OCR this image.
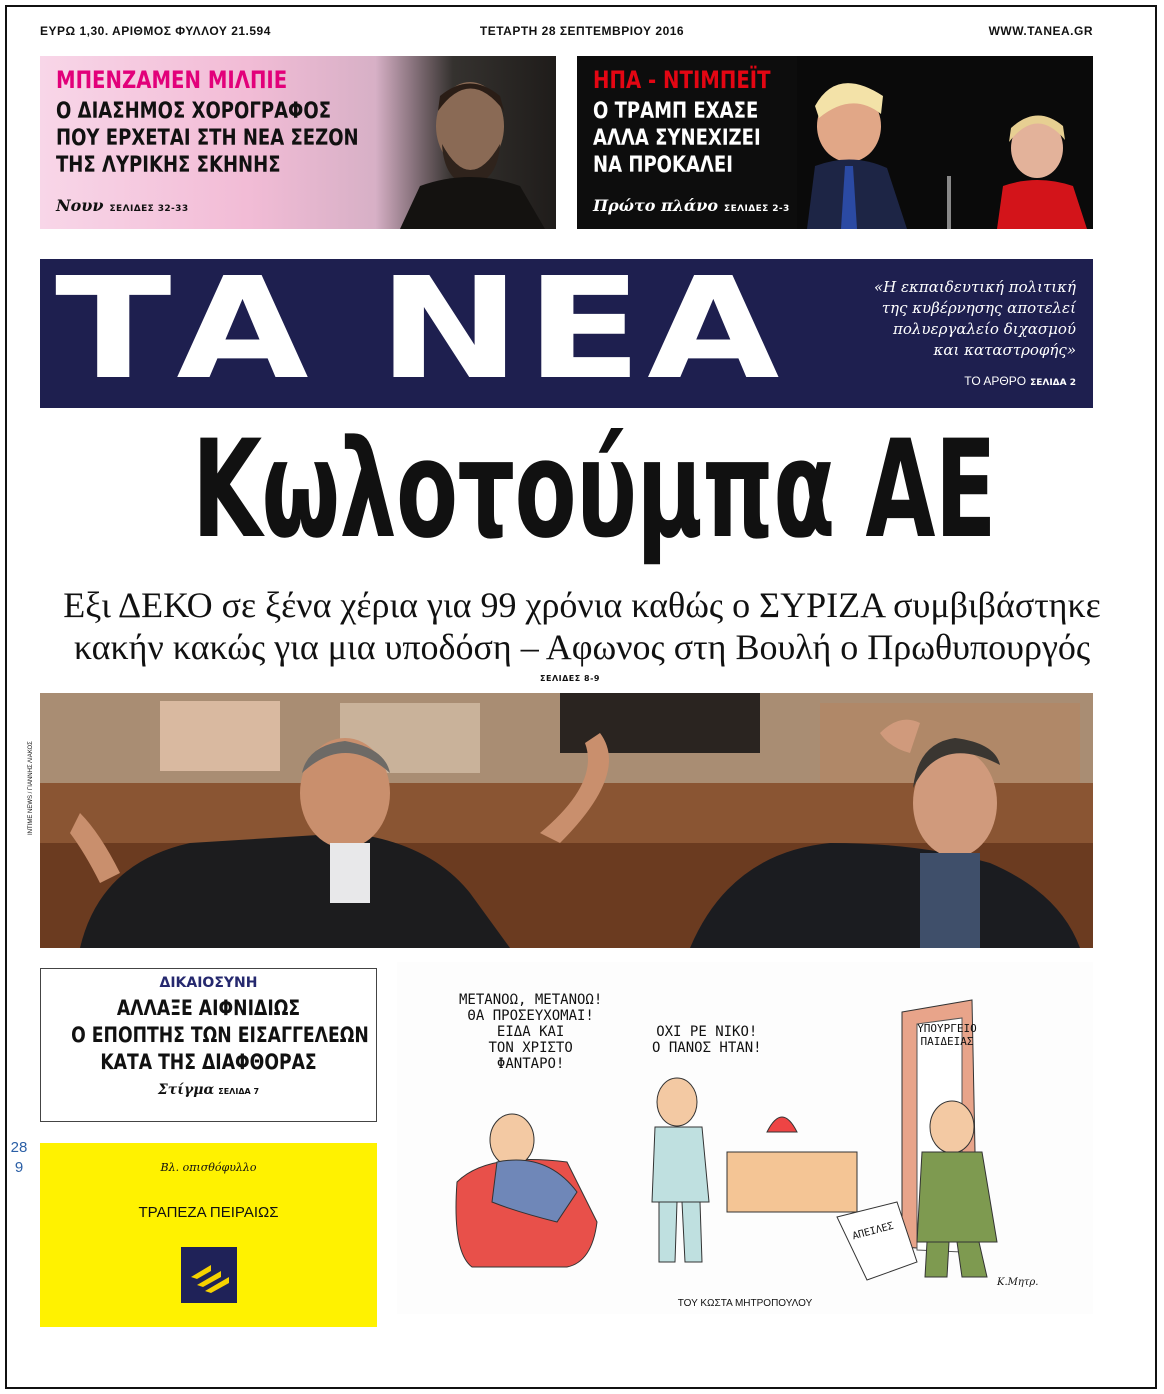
ΕΥΡΩ 1,30. ΑΡΙΘΜΟΣ ΦΥΛΛΟΥ 21.594	ΤΕΤΑΡΤΗ 28 ΣΕΠΤΕΜΒΡΙΟΥ 2016	WWW.TANEA.GR
ΜΠΕΝΖΑΜΕΝ ΜΙΛΠΙΕ
Ο ΔΙΑΣΗΜΟΣ ΧΟΡΟΓΡΑΦΟΣ
ΠΟΥ ΕΡΧΕΤΑΙ ΣΤΗ ΝΕΑ ΣΕΖΟΝ
ΤΗΣ ΛΥΡΙΚΗΣ ΣΚΗΝΗΣ
Νουν ΣΕΛΙΔΕΣ 32-33
ΗΠΑ - ΝΤΙΜΠΕΪΤ
Ο ΤΡΑΜΠ ΕΧΑΣΕ
ΑΛΛΑ ΣΥΝΕΧΙΖΕΙ
ΝΑ ΠΡΟΚΑΛΕΙ
Πρώτο πλάνο ΣΕΛΙΔΕΣ 2-3
ΤΑ ΝΕΑ	«Η εκπαιδευτική πολιτική
της κυβέρνησης αποτελεί
πολυεργαλείο διχασμού
και καταστροφής»
ΤΟ ΑΡΘΡΟ ΣΕΛΙΔΑ 2
Κωλοτούμπα ΑΕ
Εξι ΔΕΚΟ σε ξένα χέρια για 99 χρόνια καθώς ο ΣΥΡΙΖΑ συμβιβάστηκε
κακήν κακώς για μια υποδόση – Αφωνος στη Βουλή ο Πρωθυπουργός
ΣΕΛΙΔΕΣ 8-9
INTIME NEWS / ΓΙΑΝΝΗΣ ΛΙΑΚΟΣ
ΔΙΚΑΙΟΣΥΝΗ
ΑΛΛΑΞΕ ΑΙΦΝΙΔΙΩΣ
Ο ΕΠΟΠΤΗΣ ΤΩΝ ΕΙΣΑΓΓΕΛΕΩΝ
ΚΑΤΑ ΤΗΣ ΔΙΑΦΘΟΡΑΣ
Στίγμα ΣΕΛΙΔΑ 7
Βλ. οπισθόφυλλο
ΤΡΑΠΕΖΑ ΠΕΙΡΑΙΩΣ
28
9
ΜΕΤΑΝΟΩ, ΜΕΤΑΝΟΩ!
ΘΑ ΠΡΟΣΕΥΧΟΜΑΙ!
ΕΙΔΑ ΚΑΙ
ΤΟΝ ΧΡΙΣΤΟ
ΦΑΝΤΑΡΟ!
ΟΧΙ ΡΕ ΝΙΚΟ!
Ο ΠΑΝΟΣ ΗΤΑΝ!
ΥΠΟΥΡΓΕΙΟ
ΠΑΙΔΕΙΑΣ
ΑΠΕΙΛΕΣ
Κ.Μητρ.
ΤΟΥ ΚΩΣΤΑ ΜΗΤΡΟΠΟΥΛΟΥ
